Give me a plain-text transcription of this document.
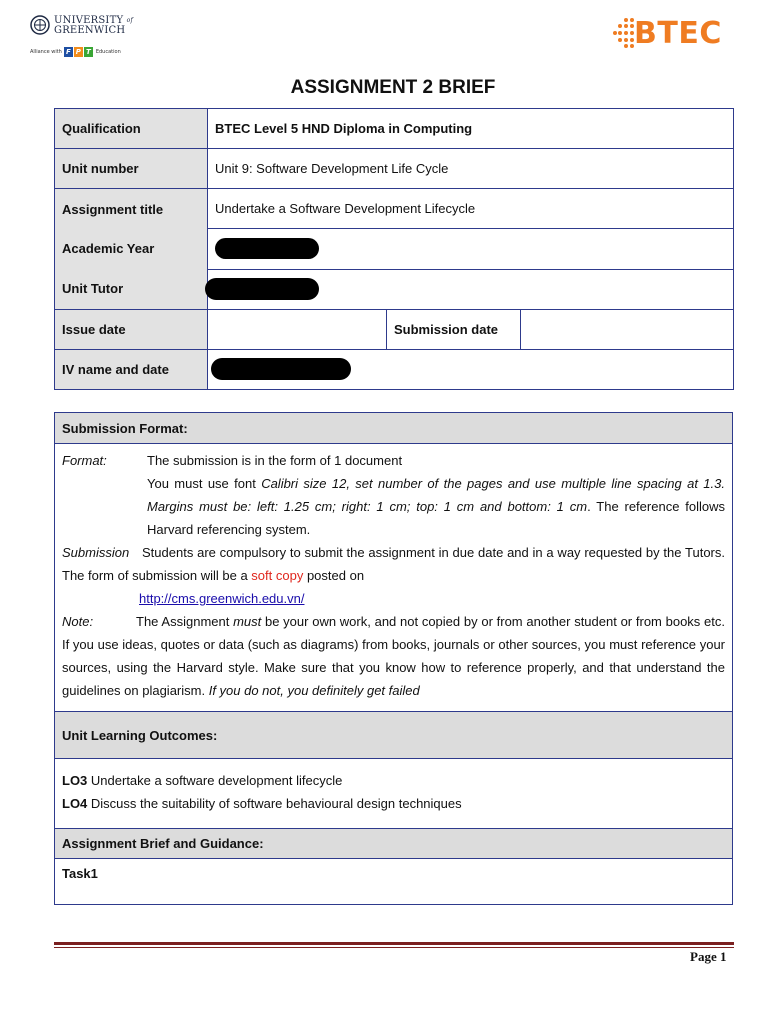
UNIVERSITY $^{of}$
GREENWICH
Alliance with F P T	Education
BTEC
ASSIGNMENT 2 BRIEF
Qualification	BTEC Level 5 HND Diploma in Computing		
Unit number	Unit 9: Software Development Life Cycle		
Assignment title	Undertake a Software Development Lifecycle		
Academic Year			
Unit Tutor			
Issue date		Submission date	
IV name and date			
Submission Format:

Format:	The submission is in the form of 1 document

You must use font Calibri size 12, set number of the pages and use multiple line spacing at 1.3. Margins must be: left: 1.25 cm; right: 1 cm; top: 1 cm and bottom: 1 cm. The reference follows Harvard referencing system.

Submission Students are compulsory to submit the assignment in due date and in a way requested by the Tutors. The form of submission will be a soft copy posted on

http://cms.greenwich.edu.vn/

Note:	The Assignment must be your own work, and not copied by or from another student or from books etc. If you use ideas, quotes or data (such as diagrams) from books, journals or other sources, you must reference your sources, using the Harvard style. Make sure that you know how to reference properly, and that understand the guidelines on plagiarism. If you do not, you definitely get failed

Unit Learning Outcomes:

LO3 Undertake a software development lifecycle
LO4 Discuss the suitability of software behavioural design techniques

Assignment Brief and Guidance:
Task1
Page 1
